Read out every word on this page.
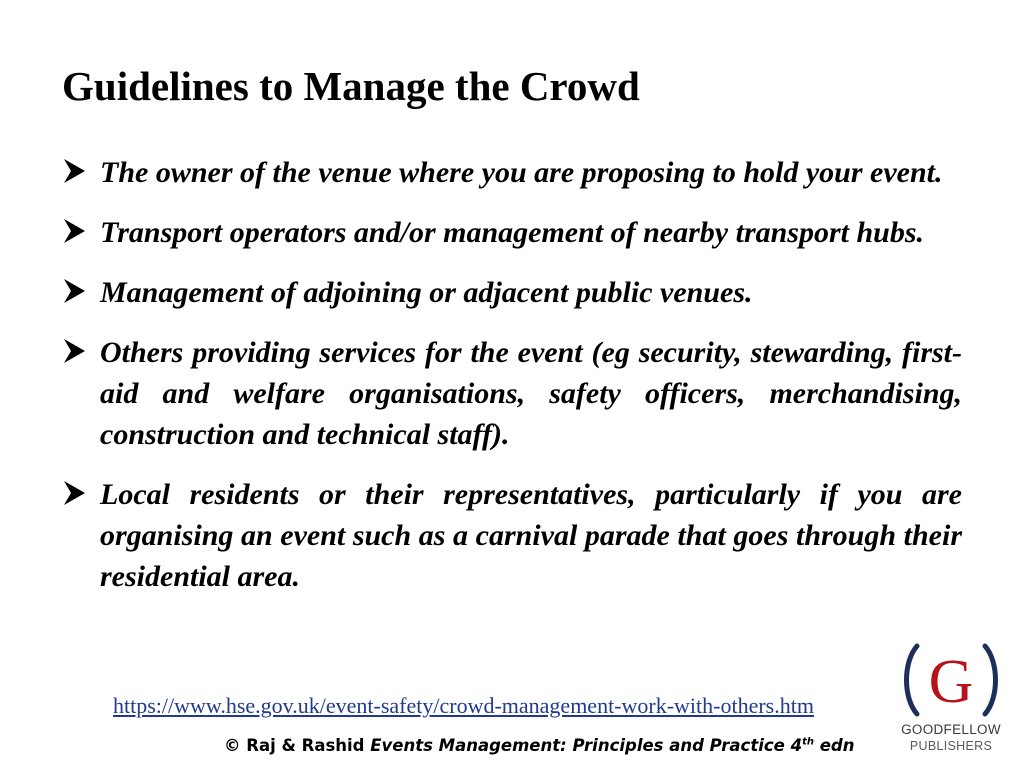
Guidelines to Manage the Crowd
The owner of the venue where you are proposing to hold your event.
Transport operators and/or management of nearby transport hubs.
Management of adjoining or adjacent public venues.
Others providing services for the event (eg security, stewarding, first-aid and welfare organisations, safety officers, merchandising, construction and technical staff).
Local residents or their representatives, particularly if you are organising an event such as a carnival parade that goes through their residential area.
https://www.hse.gov.uk/event-safety/crowd-management-work-with-others.htm
© Raj & Rashid Events Management: Principles and Practice 4th edn
G
GOODFELLOW
PUBLISHERS
